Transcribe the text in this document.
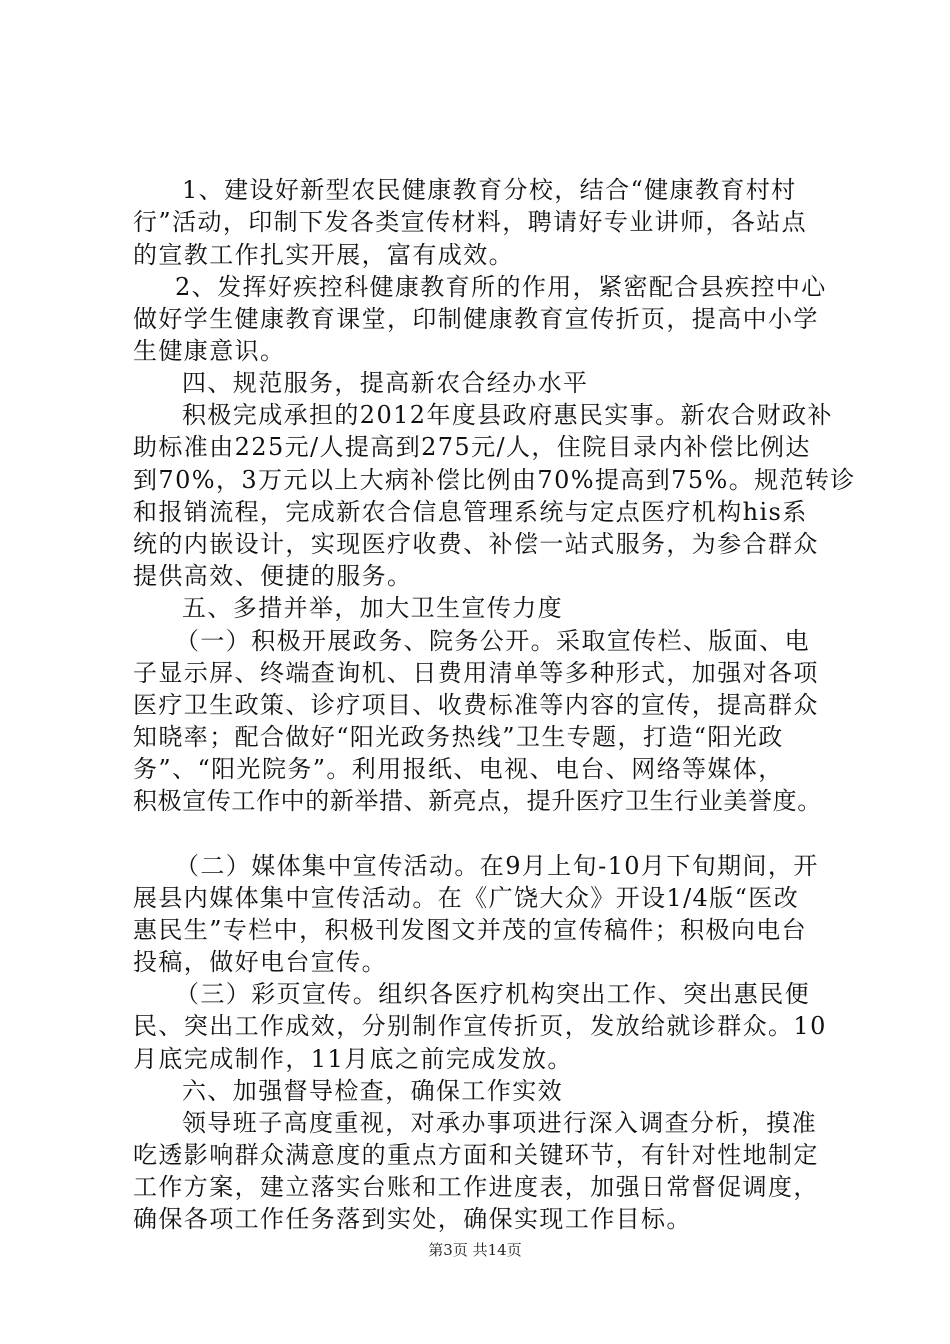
1、建设好新型农民健康教育分校，结合“健康教育村村
行”活动，印制下发各类宣传材料，聘请好专业讲师，各站点
的宣教工作扎实开展，富有成效。
2、发挥好疾控科健康教育所的作用，紧密配合县疾控中心
做好学生健康教育课堂，印制健康教育宣传折页，提高中小学
生健康意识。
四、规范服务，提高新农合经办水平
积极完成承担的2012年度县政府惠民实事。新农合财政补
助标准由225元/人提高到275元/人，住院目录内补偿比例达
到70%，3万元以上大病补偿比例由70%提高到75%。规范转诊
和报销流程，完成新农合信息管理系统与定点医疗机构his系
统的内嵌设计，实现医疗收费、补偿一站式服务，为参合群众
提供高效、便捷的服务。
五、多措并举，加大卫生宣传力度
（一）积极开展政务、院务公开。采取宣传栏、版面、电
子显示屏、终端查询机、日费用清单等多种形式，加强对各项
医疗卫生政策、诊疗项目、收费标准等内容的宣传，提高群众
知晓率；配合做好“阳光政务热线”卫生专题，打造“阳光政
务”、“阳光院务”。利用报纸、电视、电台、网络等媒体，
积极宣传工作中的新举措、新亮点，提升医疗卫生行业美誉度。
（二）媒体集中宣传活动。在9月上旬-10月下旬期间，开
展县内媒体集中宣传活动。在《广饶大众》开设1/4版“医改
惠民生”专栏中，积极刊发图文并茂的宣传稿件；积极向电台
投稿，做好电台宣传。
（三）彩页宣传。组织各医疗机构突出工作、突出惠民便
民、突出工作成效，分别制作宣传折页，发放给就诊群众。10
月底完成制作，11月底之前完成发放。
六、加强督导检查，确保工作实效
领导班子高度重视，对承办事项进行深入调查分析，摸准
吃透影响群众满意度的重点方面和关键环节，有针对性地制定
工作方案，建立落实台账和工作进度表，加强日常督促调度，
确保各项工作任务落到实处，确保实现工作目标。
第3页 共14页
